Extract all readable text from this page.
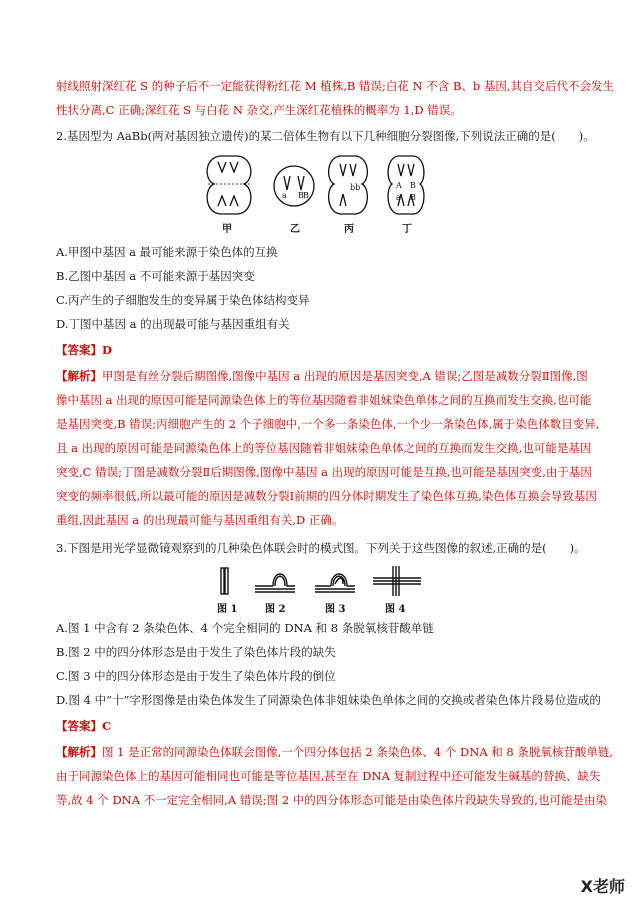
射线照射深红花 S 的种子后不一定能获得粉红花 M 植株,B 错误;白花 N 不含 B、b 基因,其自交后代不会发生
性状分离,C 正确;深红花 S 与白花 N 杂交,产生深红花植株的概率为 1,D 错误。
2.基因型为 AaBb(两对基因独立遗传)的某二倍体生物有以下几种细胞分裂图像,下列说法正确的是(　　)。
a B B
bb	A B
a B
甲	乙	丙	丁
A.甲图中基因 a 最可能来源于染色体的互换
B.乙图中基因 a 不可能来源于基因突变
C.丙产生的子细胞发生的变异属于染色体结构变异
D.丁图中基因 a 的出现最可能与基因重组有关
【答案】D
【解析】甲图是有丝分裂后期图像,图像中基因 a 出现的原因是基因突变,A 错误;乙图是减数分裂Ⅱ图像,图
像中基因 a 出现的原因可能是同源染色体上的等位基因随着非姐妹染色单体之间的互换而发生交换,也可能
是基因突变,B 错误;丙细胞产生的 2 个子细胞中,一个多一条染色体,一个少一条染色体,属于染色体数目变异,
且 a 出现的原因可能是同源染色体上的等位基因随着非姐妹染色单体之间的互换而发生交换,也可能是基因
突变,C 错误;丁图是减数分裂Ⅱ后期图像,图像中基因 a 出现的原因可能是互换,也可能是基因突变,由于基因
突变的频率很低,所以最可能的原因是减数分裂Ⅰ前期的四分体时期发生了染色体互换,染色体互换会导致基因
重组,因此基因 a 的出现最可能与基因重组有关,D 正确。
3.下图是用光学显微镜观察到的几种染色体联会时的模式图。下列关于这些图像的叙述,正确的是(　　)。
图 1	图 2	图 3	图 4
A.图 1 中含有 2 条染色体、4 个完全相同的 DNA 和 8 条脱氧核苷酸单链
B.图 2 中的四分体形态是由于发生了染色体片段的缺失
C.图 3 中的四分体形态是由于发生了染色体片段的倒位
D.图 4 中“十”字形图像是由染色体发生了同源染色体非姐妹染色单体之间的交换或者染色体片段易位造成的
【答案】C
【解析】图 1 是正常的同源染色体联会图像,一个四分体包括 2 条染色体、4 个 DNA 和 8 条脱氧核苷酸单链,
由于同源染色体上的基因可能相同也可能是等位基因,甚至在 DNA 复制过程中还可能发生碱基的替换、缺失
等,故 4 个 DNA 不一定完全相同,A 错误;图 2 中的四分体形态可能是由染色体片段缺失导致的,也可能是由染
X老师
